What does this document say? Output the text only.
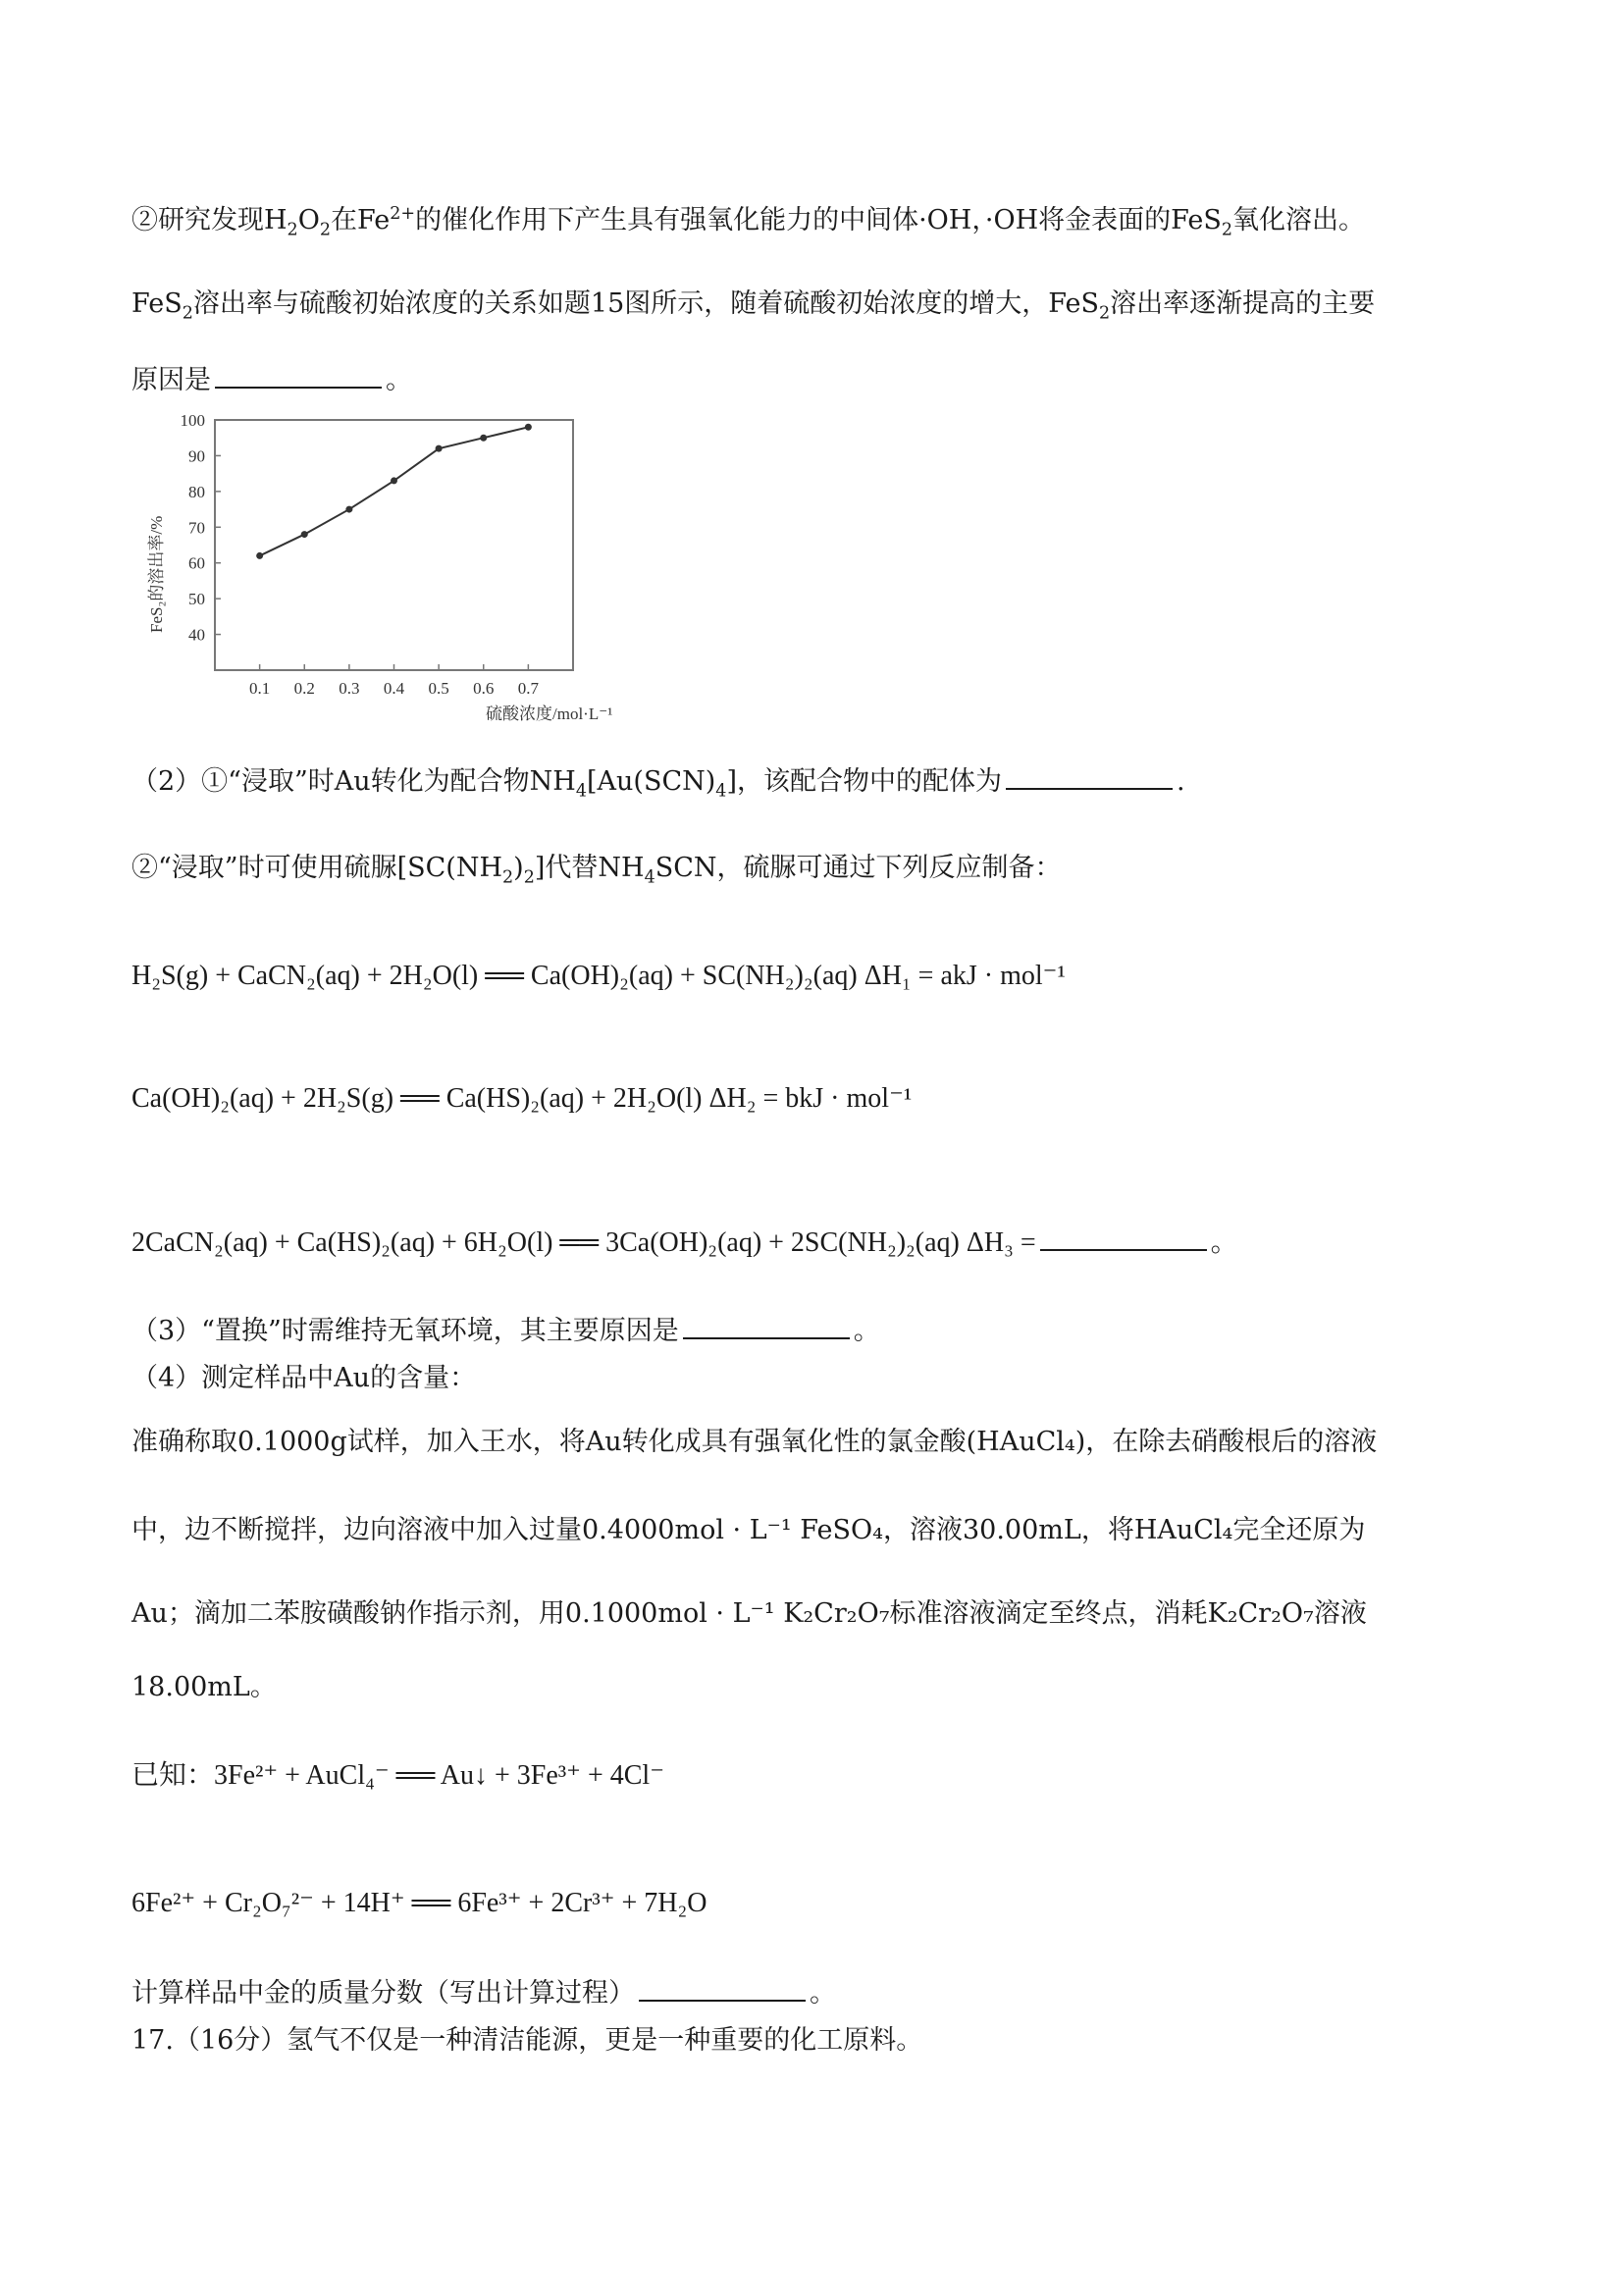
②研究发现$H_2O_2$在$Fe^{2+}$的催化作用下产生具有强氧化能力的中间体·OH，·OH将金表面的FeS$_2$氧化溶出。
FeS$_2$溶出率与硫酸初始浓度的关系如题15图所示，随着硫酸初始浓度的增大，FeS$_2$溶出率逐渐提高的主要
原因是	。
40
50
60
70
80
90
100
0.1 0.2 0.3 0.4 0.5 0.6 0.7
硫酸浓度/mol·L⁻¹
FeS₂的溶出率/%
（2）①“浸取”时Au转化为配合物$NH_4[Au(SCN)_4]$，该配合物中的配体为	.
②“浸取”时可使用硫脲$[SC(NH_2)_2]$代替$NH_4SCN$，硫脲可通过下列反应制备：
H₂S(g) + CaCN₂(aq) + 2H₂O(l) ══ Ca(OH)₂(aq) + SC(NH₂)₂(aq) ΔH₁ = akJ · mol⁻¹
Ca(OH)₂(aq) + 2H₂S(g) ══ Ca(HS)₂(aq) + 2H₂O(l) ΔH₂ = bkJ · mol⁻¹
2CaCN₂(aq) + Ca(HS)₂(aq) + 6H₂O(l) ══ 3Ca(OH)₂(aq) + 2SC(NH₂)₂(aq) ΔH₃ =	。
（3）“置换”时需维持无氧环境，其主要原因是	。
（4）测定样品中Au的含量：
准确称取0.1000g试样，加入王水，将Au转化成具有强氧化性的氯金酸(HAuCl₄)，在除去硝酸根后的溶液
中，边不断搅拌，边向溶液中加入过量0.4000mol · L⁻¹ FeSO₄，溶液30.00mL，将HAuCl₄完全还原为
Au；滴加二苯胺磺酸钠作指示剂，用0.1000mol · L⁻¹ K₂Cr₂O₇标准溶液滴定至终点，消耗K₂Cr₂O₇溶液
18.00mL。
已知：3Fe²⁺ + AuCl₄⁻ ══ Au↓ + 3Fe³⁺ + 4Cl⁻
6Fe²⁺ + Cr₂O₇²⁻ + 14H⁺ ══ 6Fe³⁺ + 2Cr³⁺ + 7H₂O
计算样品中金的质量分数（写出计算过程）	。
17.（16分）氢气不仅是一种清洁能源，更是一种重要的化工原料。
